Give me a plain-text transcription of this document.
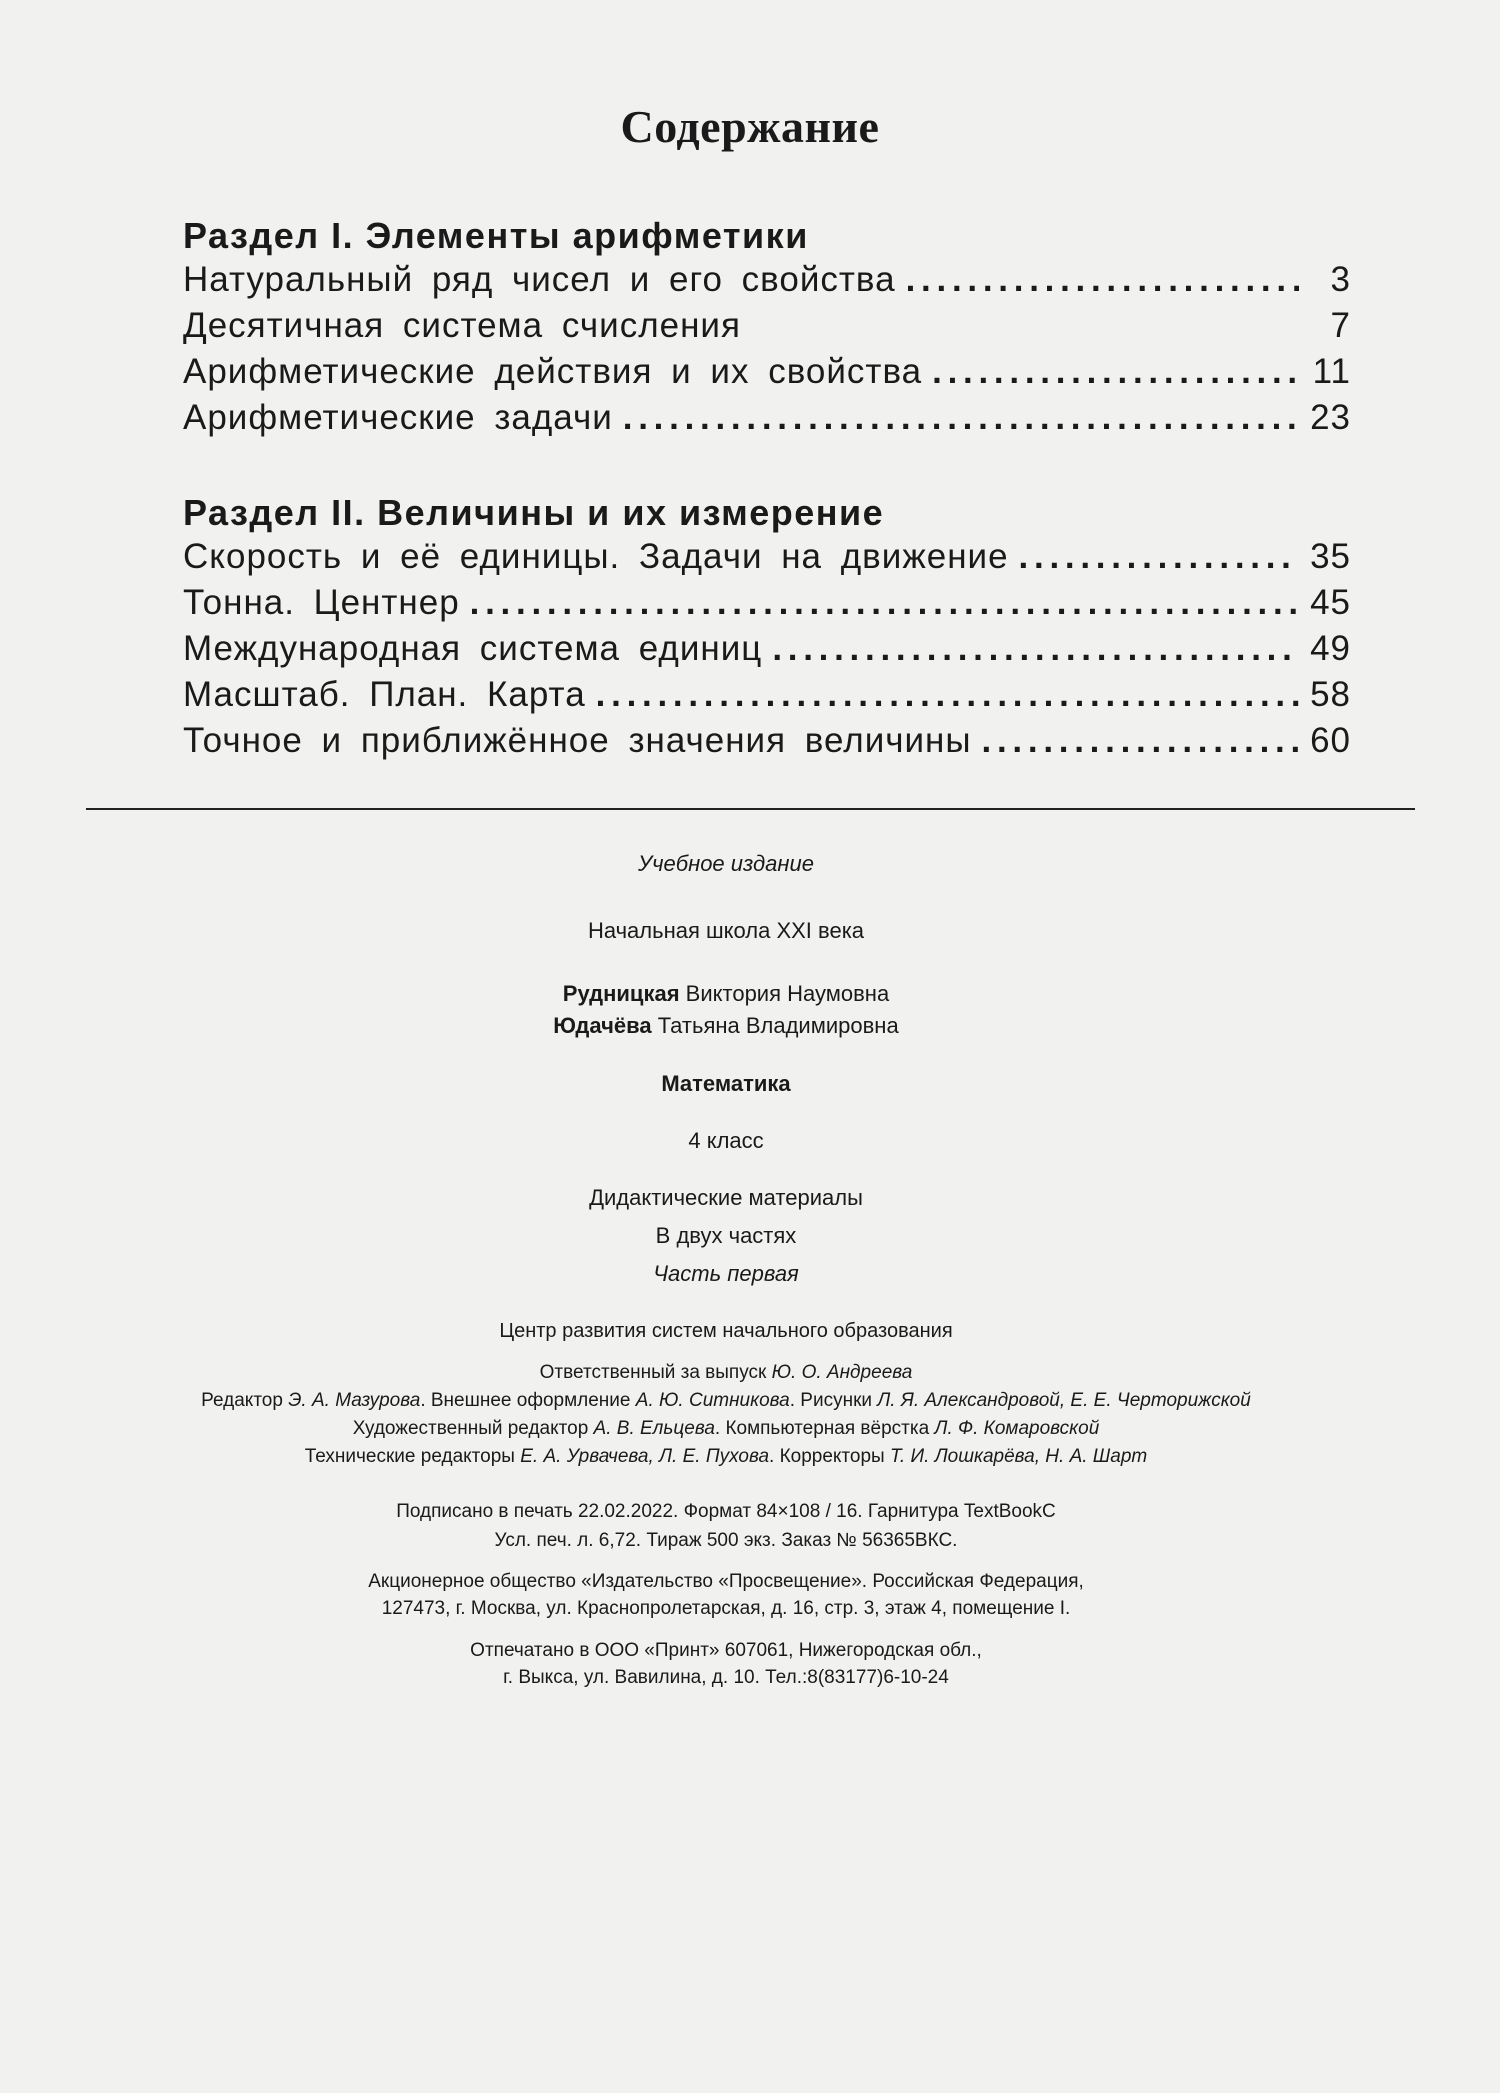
Содержание
Раздел I. Элементы арифметики
Натуральный ряд чисел и его свойства . . .	3
Десятичная система счисления	7
Арифметические действия и их свойства . . .	11
Арифметические задачи . . .	23
Раздел II. Величины и их измерение
Скорость и её единицы. Задачи на движение . . .	35
Тонна. Центнер . . .	45
Международная система единиц . . .	49
Масштаб. План. Карта . . .	58
Точное и приближённое значения величины . . .	60
Учебное издание
Начальная школа XXI века
Рудницкая Виктория Наумовна
Юдачёва Татьяна Владимировна
Математика
4 класс
Дидактические материалы
В двух частях
Часть первая
Центр развития систем начального образования
Ответственный за выпуск Ю. О. Андреева
Редактор Э. А. Мазурова. Внешнее оформление А. Ю. Ситникова. Рисунки Л. Я. Александровой, Е. Е. Черторижской
Художественный редактор А. В. Ельцева. Компьютерная вёрстка Л. Ф. Комаровской
Технические редакторы Е. А. Урвачева, Л. Е. Пухова. Корректоры Т. И. Лошкарёва, Н. А. Шарт
Подписано в печать 22.02.2022. Формат 84×108 / 16. Гарнитура TextBookC
Усл. печ. л. 6,72. Тираж 500 экз. Заказ № 56365ВКС.
Акционерное общество «Издательство «Просвещение». Российская Федерация,
127473, г. Москва, ул. Краснопролетарская, д. 16, стр. 3, этаж 4, помещение I.
Отпечатано в ООО «Принт» 607061, Нижегородская обл.,
г. Выкса, ул. Вавилина, д. 10. Тел.:8(83177)6-10-24
